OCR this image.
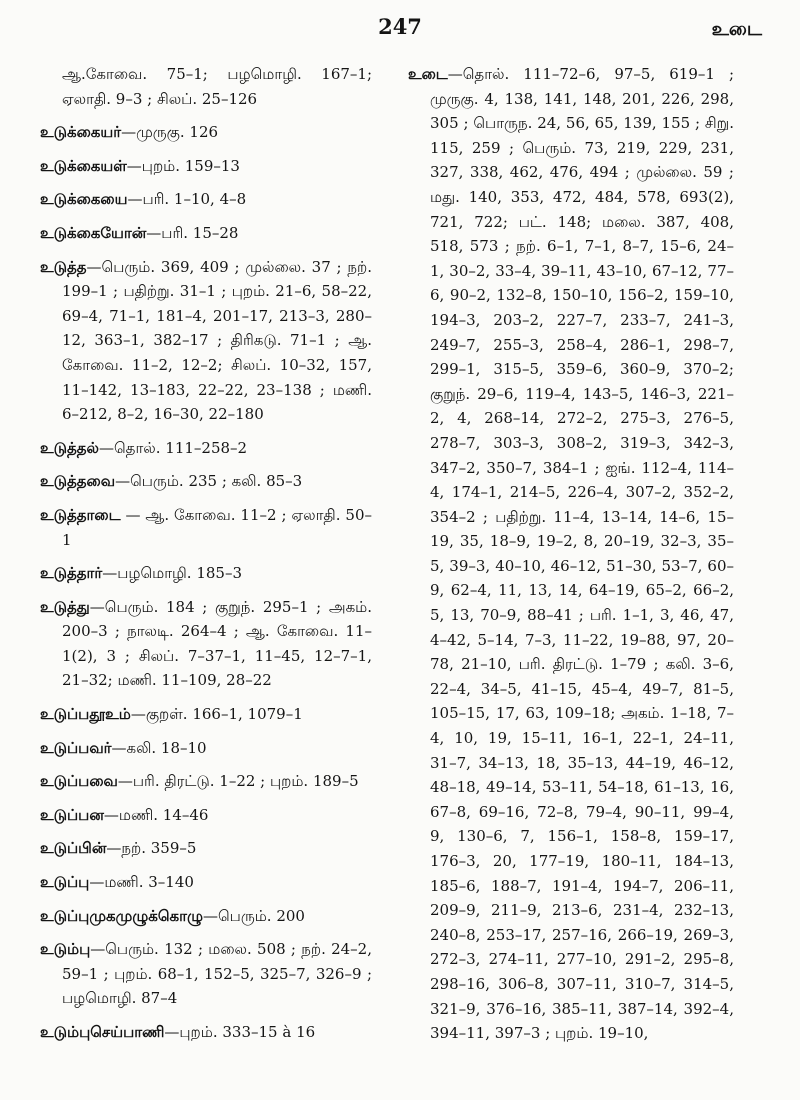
247	உடை
ஆ.கோவை. 75–1; பழமொழி. 167–1; ஏலாதி. 9–3 ; சிலப். 25–126
உடுக்கையர்—முருகு. 126
உடுக்கையள்—புறம். 159–13
உடுக்கையை—பரி. 1–10, 4–8
உடுக்கையோன்—பரி. 15–28
உடுத்த—பெரும். 369, 409 ; முல்லை. 37 ; நற். 199–1 ; பதிற்று. 31–1 ; புறம். 21–6, 58–22, 69–4, 71–1, 181–4, 201–17, 213–3, 280–12, 363–1, 382–17 ; திரிகடு. 71–1 ; ஆ. கோவை. 11–2, 12–2; சிலப். 10–32, 157, 11–142, 13–183, 22–22, 23–138 ; மணி. 6–212, 8–2, 16–30, 22–180
உடுத்தல்—தொல். 111–258–2
உடுத்தவை—பெரும். 235 ; கலி. 85–3
உடுத்தாடை — ஆ. கோவை. 11–2 ; ஏலாதி. 50–1
உடுத்தார்—பழமொழி. 185–3
உடுத்து—பெரும். 184 ; குறுந். 295–1 ; அகம். 200–3 ; நாலடி. 264–4 ; ஆ. கோவை. 11–1(2), 3 ; சிலப். 7–37–1, 11–45, 12–7–1, 21–32; மணி. 11–109, 28–22
உடுப்பதூஉம்—குறள். 166–1, 1079–1
உடுப்பவர்—கலி. 18–10
உடுப்பவை—பரி. திரட்டு. 1–22 ; புறம். 189–5
உடுப்பன—மணி. 14–46
உடுப்பின்—நற். 359–5
உடுப்பு—மணி. 3–140
உடுப்புமுகமுழுக்கொழு—பெரும். 200
உடும்பு—பெரும். 132 ; மலை. 508 ; நற். 24–2, 59–1 ; புறம். 68–1, 152–5, 325–7, 326–9 ; பழமொழி. 87–4
உடும்புசெய்பாணி—புறம். 333–15 à 16
உடை—தொல். 111–72–6, 97–5, 619–1 ; முருகு. 4, 138, 141, 148, 201, 226, 298, 305 ; பொருந. 24, 56, 65, 139, 155 ; சிறு. 115, 259 ; பெரும். 73, 219, 229, 231, 327, 338, 462, 476, 494 ; முல்லை. 59 ; மது. 140, 353, 472, 484, 578, 693(2), 721, 722; பட். 148; மலை. 387, 408, 518, 573 ; நற். 6–1, 7–1, 8–7, 15–6, 24–1, 30–2, 33–4, 39–11, 43–10, 67–12, 77–6, 90–2, 132–8, 150–10, 156–2, 159–10, 194–3, 203–2, 227–7, 233–7, 241–3, 249–7, 255–3, 258–4, 286–1, 298–7, 299–1, 315–5, 359–6, 360–9, 370–2; குறுந். 29–6, 119–4, 143–5, 146–3, 221–2, 4, 268–14, 272–2, 275–3, 276–5, 278–7, 303–3, 308–2, 319–3, 342–3, 347–2, 350–7, 384–1 ; ஐங். 112–4, 114–4, 174–1, 214–5, 226–4, 307–2, 352–2, 354–2 ; பதிற்று. 11–4, 13–14, 14–6, 15–19, 35, 18–9, 19–2, 8, 20–19, 32–3, 35–5, 39–3, 40–10, 46–12, 51–30, 53–7, 60–9, 62–4, 11, 13, 14, 64–19, 65–2, 66–2, 5, 13, 70–9, 88–41 ; பரி. 1–1, 3, 46, 47, 4–42, 5–14, 7–3, 11–22, 19–88, 97, 20–78, 21–10, பரி. திரட்டு. 1–79 ; கலி. 3–6, 22–4, 34–5, 41–15, 45–4, 49–7, 81–5, 105–15, 17, 63, 109–18; அகம். 1–18, 7–4, 10, 19, 15–11, 16–1, 22–1, 24–11, 31–7, 34–13, 18, 35–13, 44–19, 46–12, 48–18, 49–14, 53–11, 54–18, 61–13, 16, 67–8, 69–16, 72–8, 79–4, 90–11, 99–4, 9, 130–6, 7, 156–1, 158–8, 159–17, 176–3, 20, 177–19, 180–11, 184–13, 185–6, 188–7, 191–4, 194–7, 206–11, 209–9, 211–9, 213–6, 231–4, 232–13, 240–8, 253–17, 257–16, 266–19, 269–3, 272–3, 274–11, 277–10, 291–2, 295–8, 298–16, 306–8, 307–11, 310–7, 314–5, 321–9, 376–16, 385–11, 387–14, 392–4, 394–11, 397–3 ; புறம். 19–10,
